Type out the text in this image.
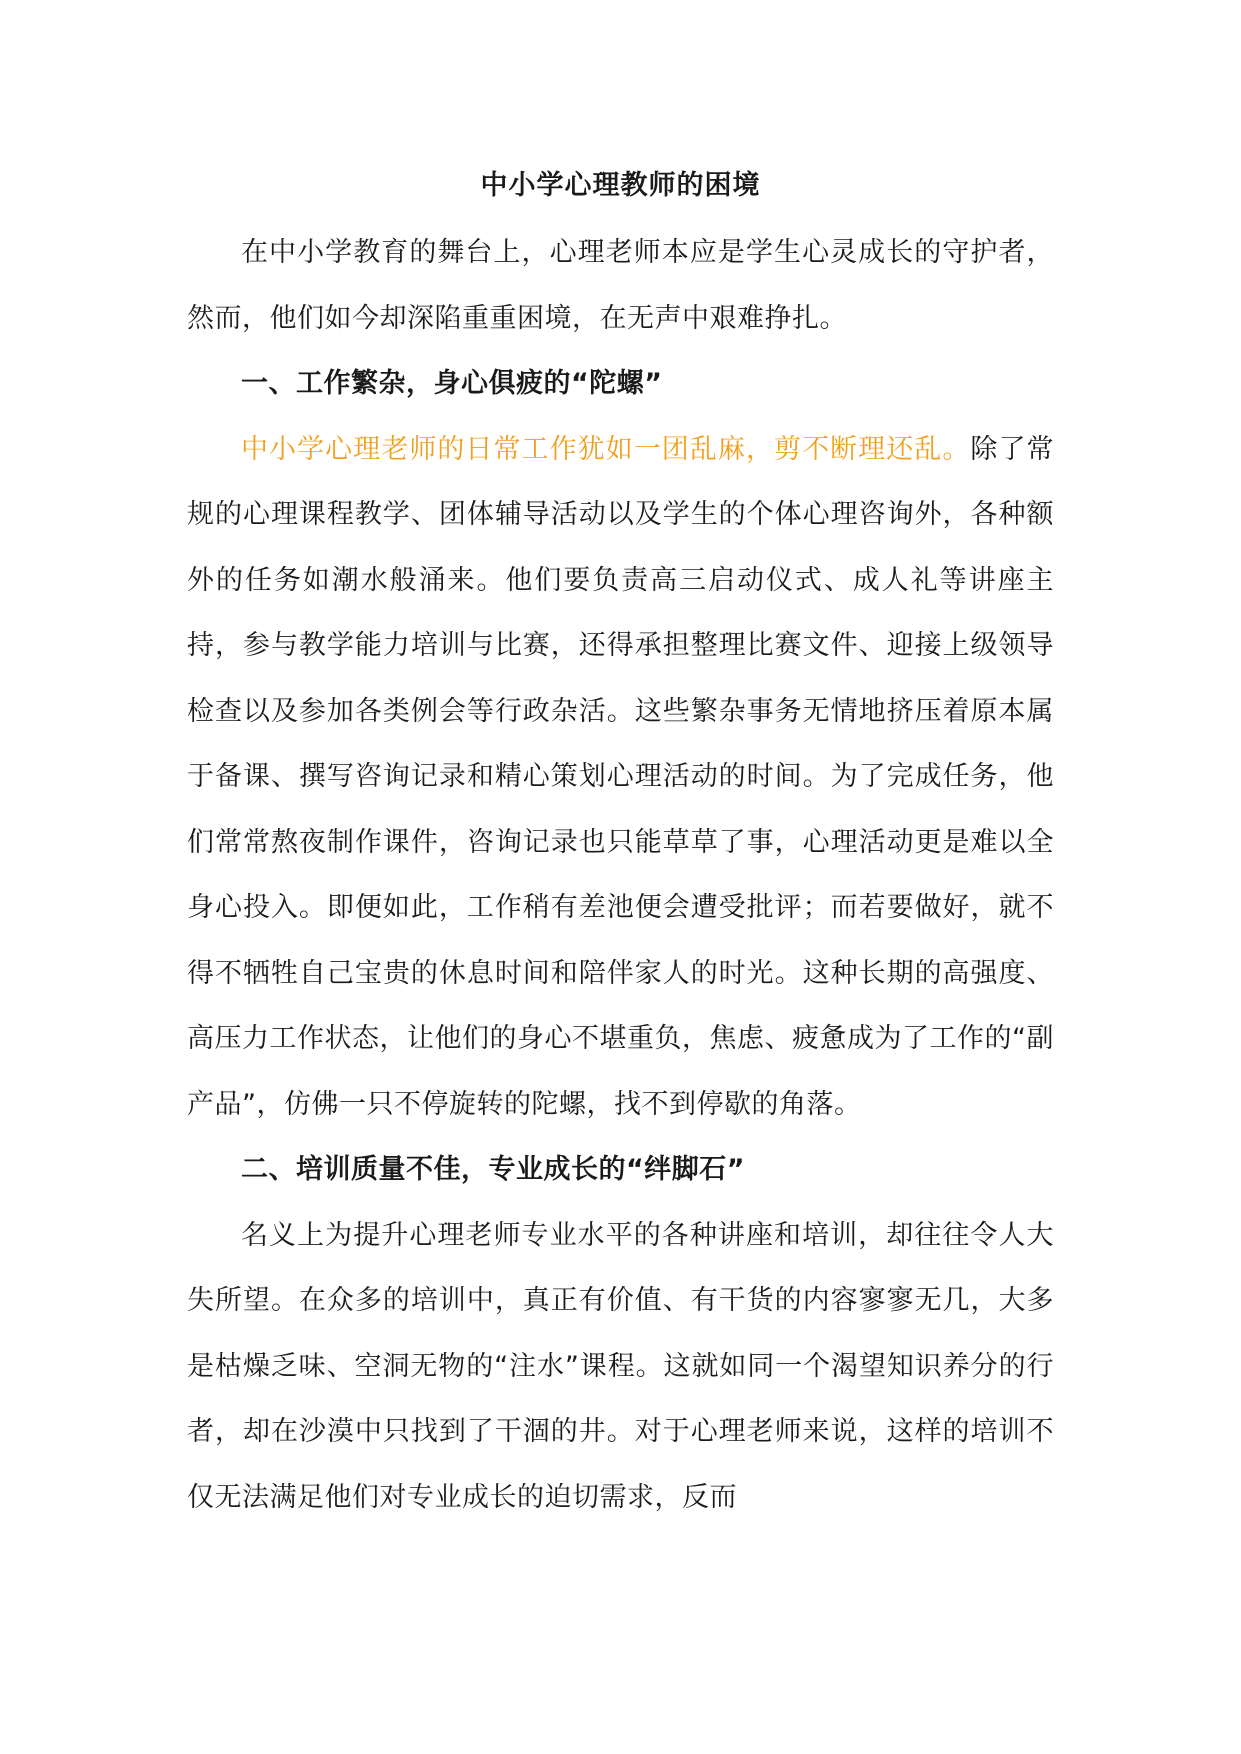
中小学心理教师的困境

在中小学教育的舞台上，心理老师本应是学生心灵成长的守护者，然而，他们如今却深陷重重困境，在无声中艰难挣扎。

一、工作繁杂，身心俱疲的“陀螺”

中小学心理老师的日常工作犹如一团乱麻，剪不断理还乱。除了常规的心理课程教学、团体辅导活动以及学生的个体心理咨询外，各种额外的任务如潮水般涌来。他们要负责高三启动仪式、成人礼等讲座主持，参与教学能力培训与比赛，还得承担整理比赛文件、迎接上级领导检查以及参加各类例会等行政杂活。这些繁杂事务无情地挤压着原本属于备课、撰写咨询记录和精心策划心理活动的时间。为了完成任务，他们常常熬夜制作课件，咨询记录也只能草草了事，心理活动更是难以全身心投入。即便如此，工作稍有差池便会遭受批评；而若要做好，就不得不牺牲自己宝贵的休息时间和陪伴家人的时光。这种长期的高强度、高压力工作状态，让他们的身心不堪重负，焦虑、疲惫成为了工作的“副产品”，仿佛一只不停旋转的陀螺，找不到停歇的角落。

二、培训质量不佳，专业成长的“绊脚石”

名义上为提升心理老师专业水平的各种讲座和培训，却往往令人大失所望。在众多的培训中，真正有价值、有干货的内容寥寥无几，大多是枯燥乏味、空洞无物的“注水”课程。这就如同一个渴望知识养分的行者，却在沙漠中只找到了干涸的井。对于心理老师来说，这样的培训不仅无法满足他们对专业成长的迫切需求，反而
